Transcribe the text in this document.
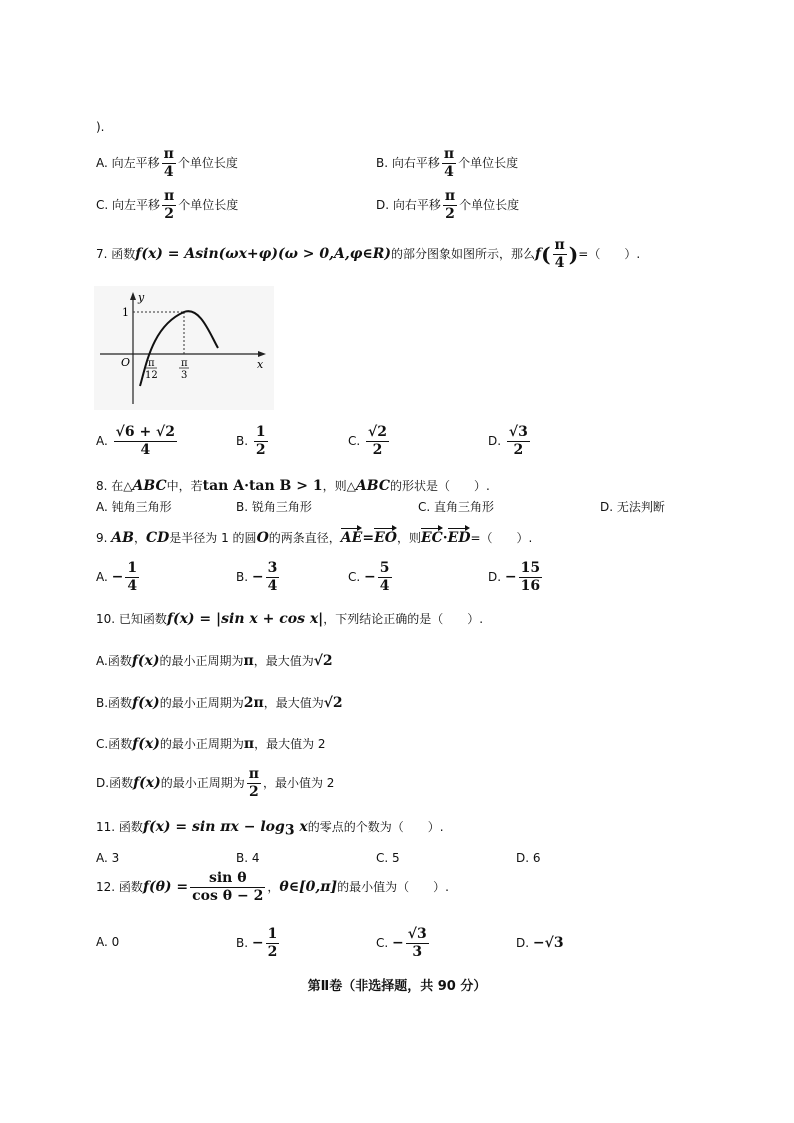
).
A. 向左平移 $\frac{\pi}{4}$ 个单位长度	B. 向右平移 $\frac{\pi}{4}$ 个单位长度
C. 向左平移 $\frac{\pi}{2}$ 个单位长度	D. 向右平移 $\frac{\pi}{2}$ 个单位长度
7. 函数f(x) = Asin(ωx+φ)(ω > 0,A,φ∈R)的部分图象如图所示，那么$f( \frac{\pi}{4}$ )=（　　）.
y
x
O
1
π
12
π
3
A. $\frac{√6 + √2}{4}$	B. $\frac{1}{2}$	C. $\frac{√2}{2}$	D. $\frac{√3}{2}$
8. 在△ABC中，若tan A·tan B > 1，则△ABC的形状是（　　）.
A. 钝角三角形	B. 锐角三角形	C. 直角三角形	D. 无法判断
9. AB，CD是半径为 1 的圆O的两条直径，AE=EO，则EC·ED=（　　）.
A. − $\frac{1}{4}$	B. − $\frac{3}{4}$	C. − $\frac{5}{4}$	D. − $\frac{15}{16}$
10. 已知函数f(x) = |sin x + cos x|，下列结论正确的是（　　）.
A.函数f(x)的最小正周期为π，最大值为√2
B.函数f(x)的最小正周期为2π，最大值为√2
C.函数f(x)的最小正周期为π，最大值为 2
D.函数f(x)的最小正周期为 $\frac{\pi}{2}$ ，最小值为 2
11. 函数$f(x) = \sin \pi x - \log_3 x$的零点的个数为（　　）.
A. 3	B. 4	C. 5	D. 6
12. 函数$f(\theta) = \frac{\text{sin θ}}{\text{cos θ − 2}}$ ，θ∈[0,π]的最小值为（　　）.
A. 0	B. − $\frac{1}{2}$	C. − $\frac{√3}{3}$	D. −√3
第Ⅱ卷（非选择题，共 90 分）
